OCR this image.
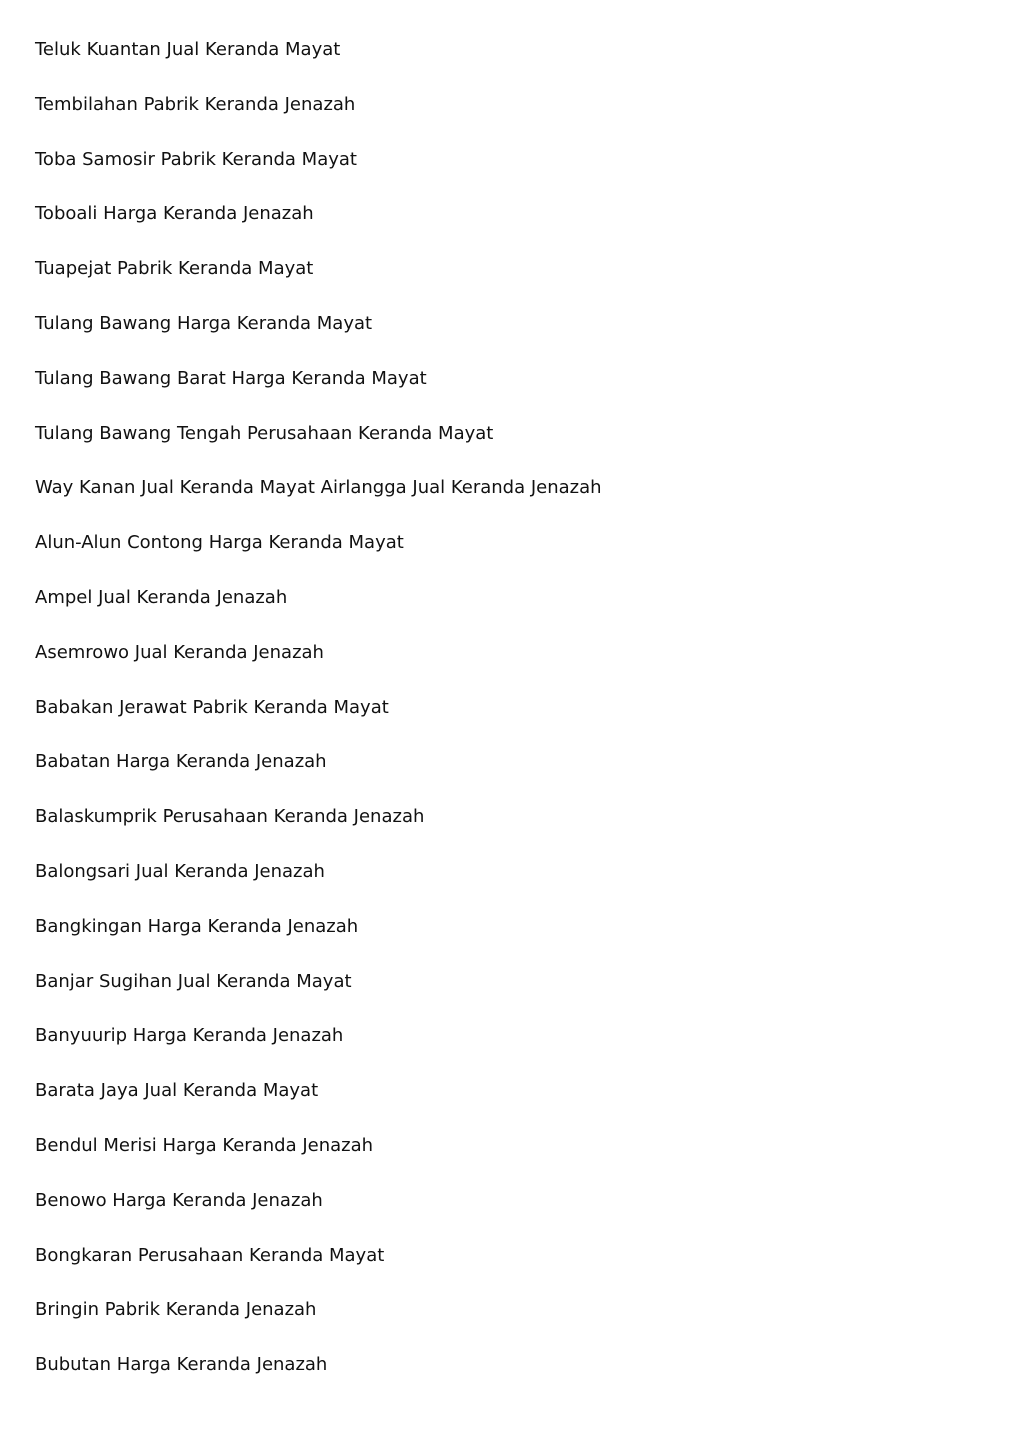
Teluk Kuantan Jual Keranda Mayat
Tembilahan Pabrik Keranda Jenazah
Toba Samosir Pabrik Keranda Mayat
Toboali Harga Keranda Jenazah
Tuapejat Pabrik Keranda Mayat
Tulang Bawang Harga Keranda Mayat
Tulang Bawang Barat Harga Keranda Mayat
Tulang Bawang Tengah Perusahaan Keranda Mayat
Way Kanan Jual Keranda Mayat Airlangga Jual Keranda Jenazah
Alun-Alun Contong Harga Keranda Mayat
Ampel Jual Keranda Jenazah
Asemrowo Jual Keranda Jenazah
Babakan Jerawat Pabrik Keranda Mayat
Babatan Harga Keranda Jenazah
Balaskumprik Perusahaan Keranda Jenazah
Balongsari Jual Keranda Jenazah
Bangkingan Harga Keranda Jenazah
Banjar Sugihan Jual Keranda Mayat
Banyuurip Harga Keranda Jenazah
Barata Jaya Jual Keranda Mayat
Bendul Merisi Harga Keranda Jenazah
Benowo Harga Keranda Jenazah
Bongkaran Perusahaan Keranda Mayat
Bringin Pabrik Keranda Jenazah
Bubutan Harga Keranda Jenazah
